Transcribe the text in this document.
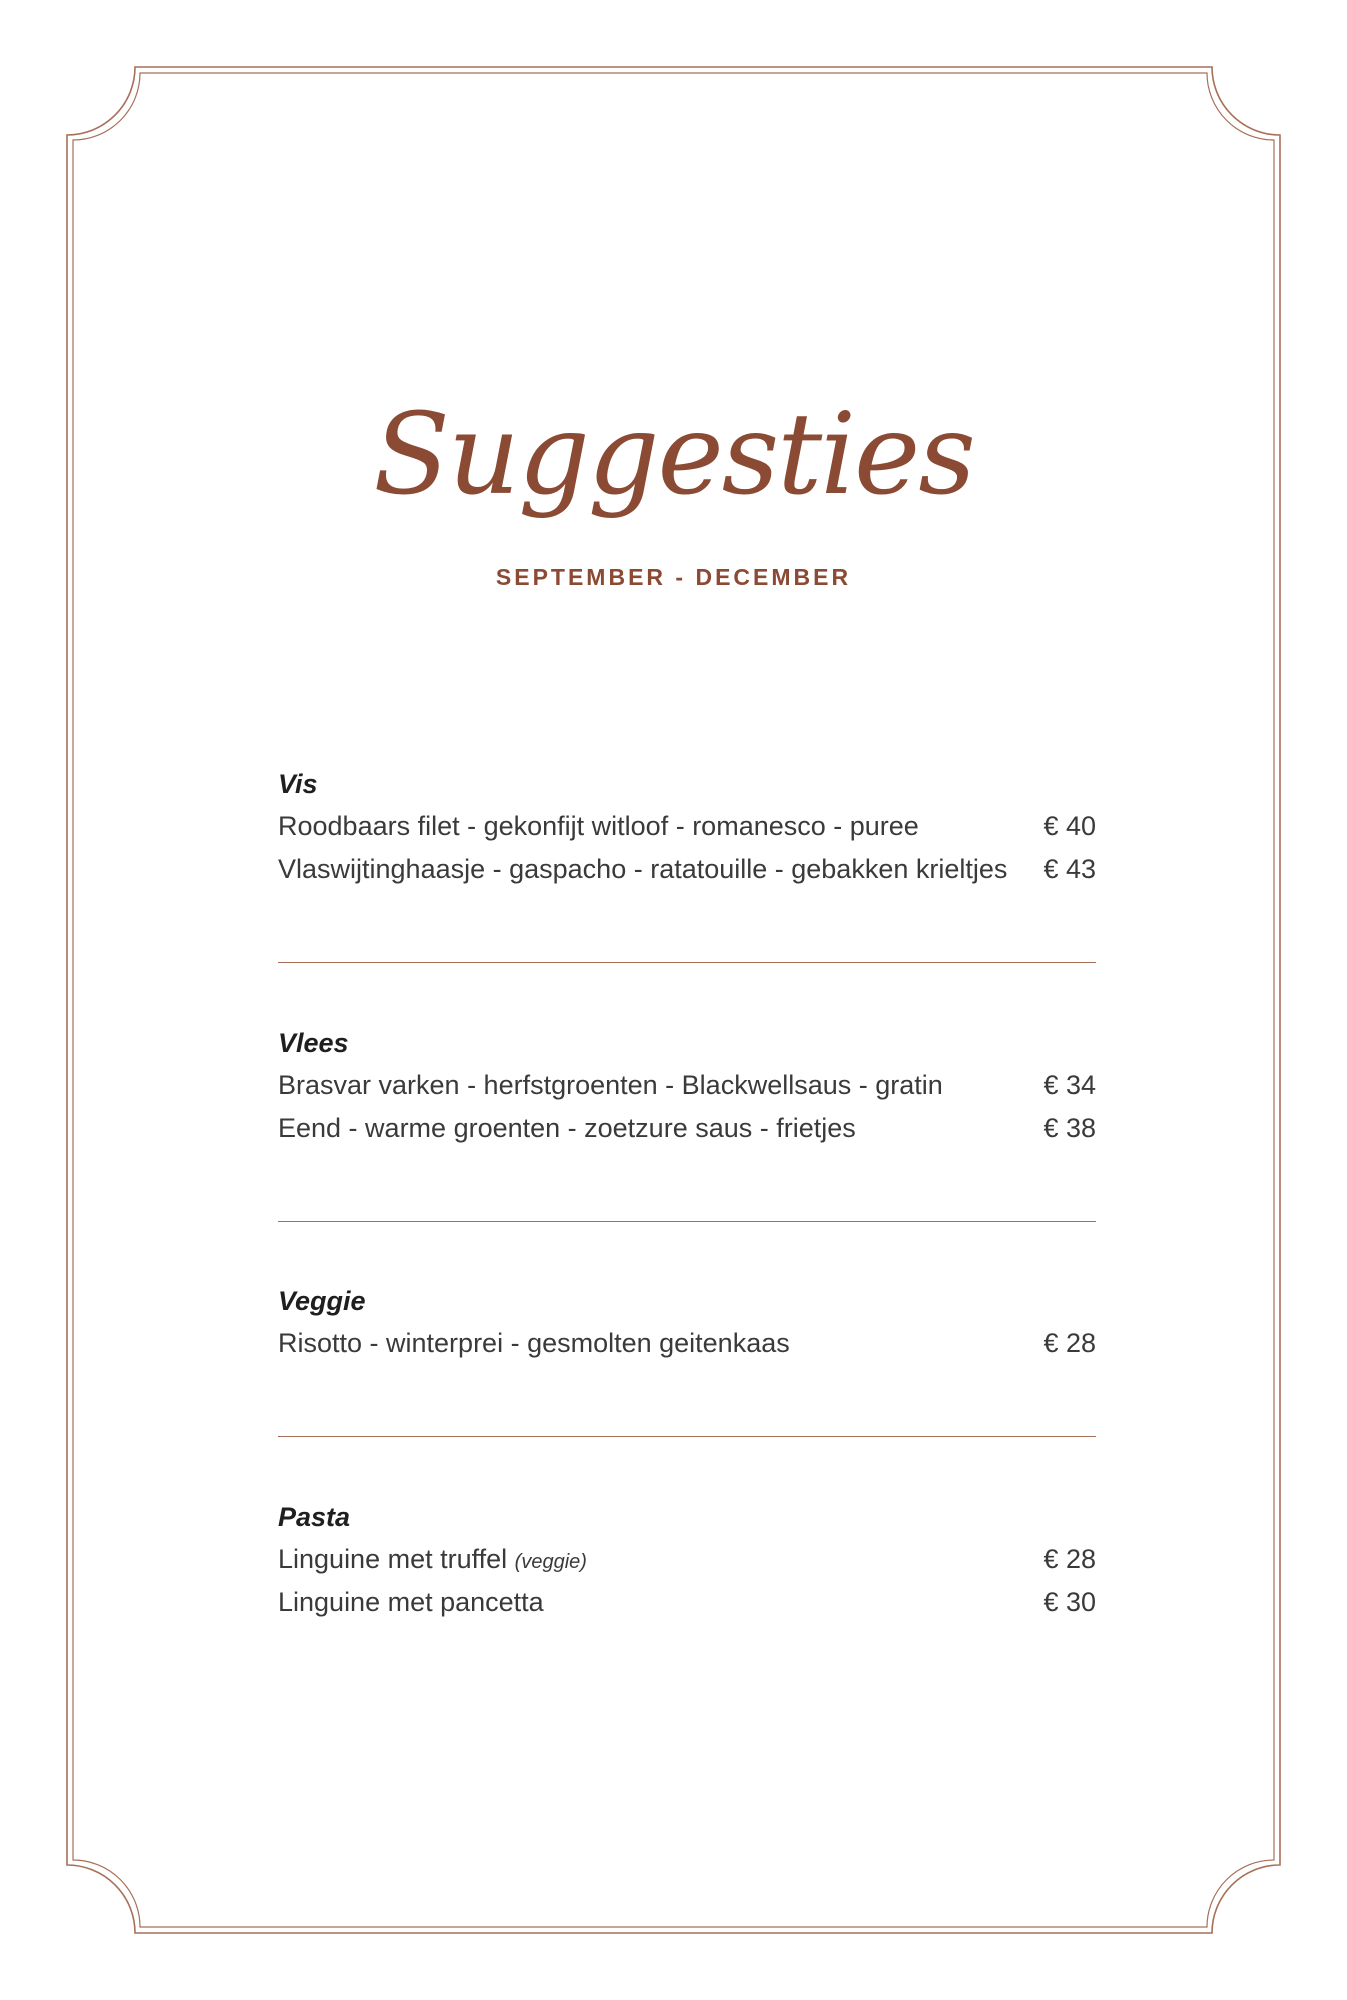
Suggesties
SEPTEMBER - DECEMBER
Vis
Roodbaars filet - gekonfijt witloof - romanesco - puree	€ 40
Vlaswijtinghaasje - gaspacho - ratatouille - gebakken krieltjes € 43
Vlees
Brasvar varken - herfstgroenten - Blackwellsaus - gratin	€ 34
Eend - warme groenten - zoetzure saus - frietjes	€ 38
Veggie
Risotto - winterprei - gesmolten geitenkaas	€ 28
Pasta
Linguine met truffel (veggie)	€ 28
Linguine met pancetta	€ 30
